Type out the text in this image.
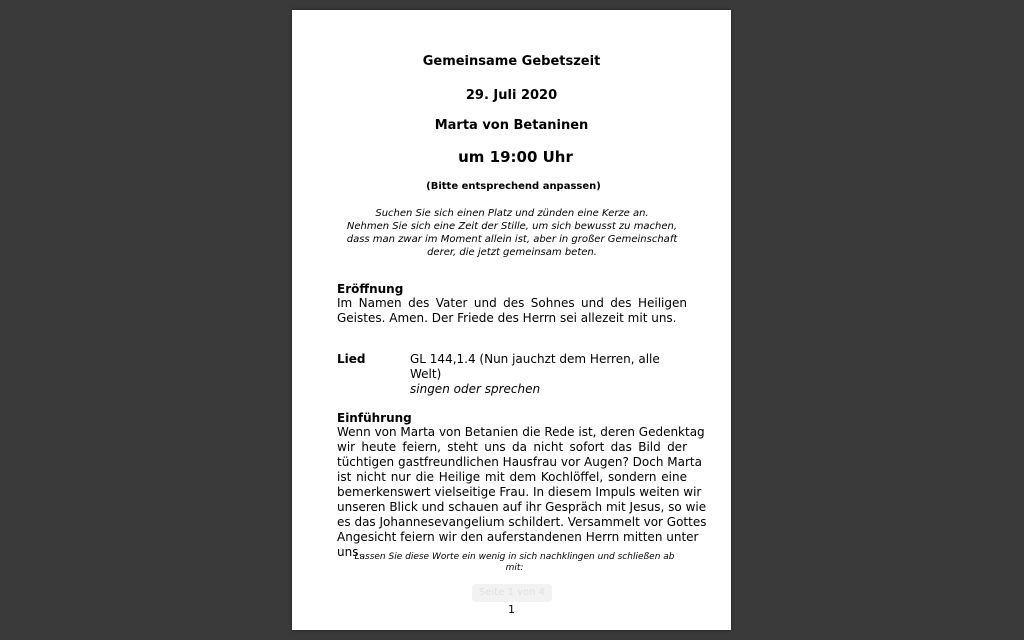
Gemeinsame Gebetszeit
29. Juli 2020
Marta von Betaninen
um 19:00 Uhr
(Bitte entsprechend anpassen)
Suchen Sie sich einen Platz und zünden eine Kerze an.
Nehmen Sie sich eine Zeit der Stille, um sich bewusst zu machen,
dass man zwar im Moment allein ist, aber in großer Gemeinschaft
derer, die jetzt gemeinsam beten.
Eröffnung
Im Namen des Vater und des Sohnes und des Heiligen
Geistes. Amen. Der Friede des Herrn sei allezeit mit uns.
Lied	GL 144,1.4 (Nun jauchzt dem Herren, alle
Welt)
singen oder sprechen
Einführung
Wenn von Marta von Betanien die Rede ist, deren Gedenktag
wir heute feiern, steht uns da nicht sofort das Bild der
tüchtigen gastfreundlichen Hausfrau vor Augen? Doch Marta
ist nicht nur die Heilige mit dem Kochlöffel, sondern eine
bemerkenswert vielseitige Frau. In diesem Impuls weiten wir
unseren Blick und schauen auf ihr Gespräch mit Jesus, so wie
es das Johannesevangelium schildert. Versammelt vor Gottes
Angesicht feiern wir den auferstandenen Herrn mitten unter
uns.
Lassen Sie diese Worte ein wenig in sich nachklingen und schließen ab
mit:
Seite 1 von 4
1
